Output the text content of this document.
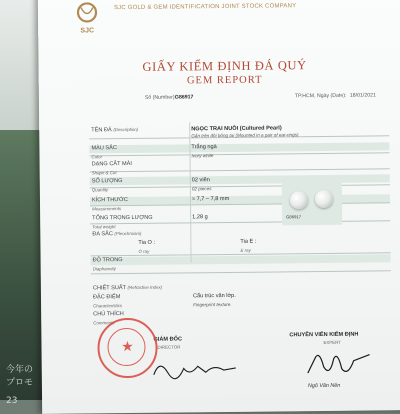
今年の
プロモ
23
SJC
SJC GOLD & GEM IDENTIFICATION JOINT STOCK COMPANY
GIẤY KIỂM ĐỊNH ĐÁ QUÝ
GEM REPORT
Số (Number):
G86917	TP.HCM, Ngày (Date): 18/01/2021
TÊN ĐÁ (Description)	NGỌC TRAI NUÔI (Cultured Pearl)
Gắn trên đôi bông tai (Mounted in a pair of ear-rings)
MÀU SẮC
Color
Trắng ngà
Ivory white
DẠNG CẮT MÀI
Shape & Cut
SỐ LƯỢNG
Quantity
02 viên
02 pieces
KÍCH THƯỚC
Measurements
≈ 7,7 – 7,8 mm
TỔNG TRỌNG LƯỢNG
Total weight
1,28 g
ĐA SẮC (Pleochroism)
Tia O :
O ray
Tia E :
E ray
ĐỘ TRONG
Diaphaneity
CHIẾT SUẤT (Refractive Index)
ĐẶC ĐIỂM
Characteristics
Cấu trúc vân lớp.
Fingerprint texture.
CHÚ THÍCH
Comments
G86917
GIÁM ĐỐC
DIRECTOR
CHUYÊN VIÊN KIỂM ĐỊNH
EXPERT
Ngô Văn Nên
★
